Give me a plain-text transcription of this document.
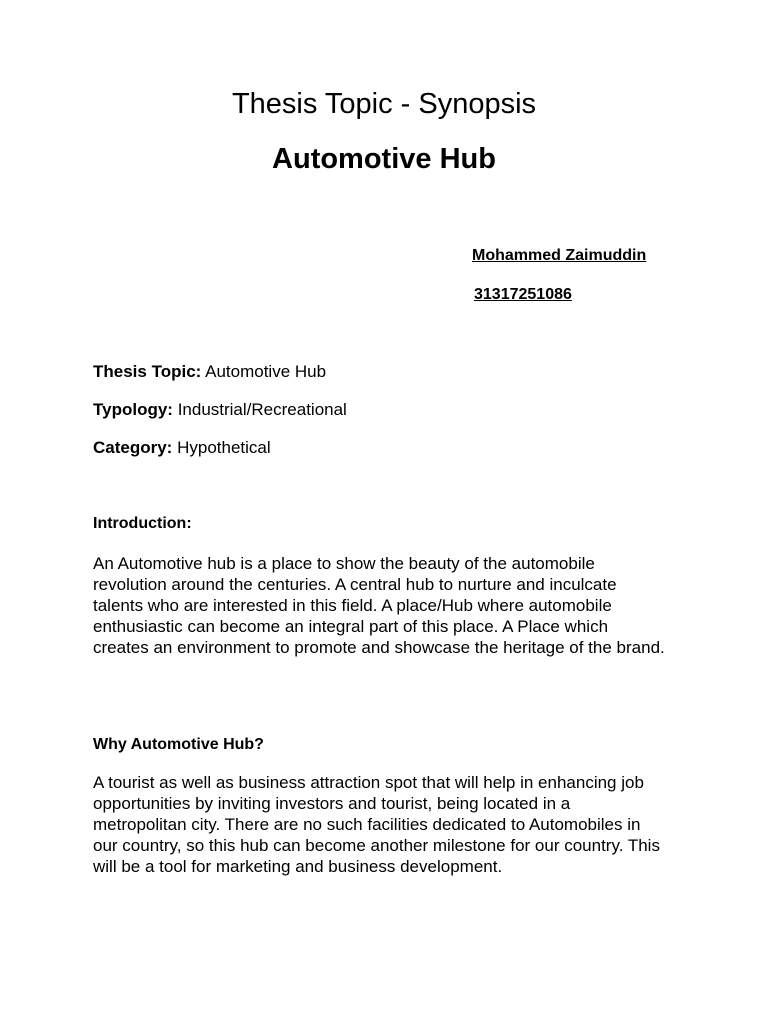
Thesis Topic - Synopsis
Automotive Hub
Mohammed Zaimuddin
31317251086
Thesis Topic: Automotive Hub
Typology: Industrial/Recreational
Category: Hypothetical
Introduction:

An Automotive hub is a place to show the beauty of the automobile revolution around the centuries. A central hub to nurture and inculcate talents who are interested in this field. A place/Hub where automobile enthusiastic can become an integral part of this place. A Place which creates an environment to promote and showcase the heritage of the brand.

Why Automotive Hub?

A tourist as well as business attraction spot that will help in enhancing job opportunities by inviting investors and tourist, being located in a metropolitan city. There are no such facilities dedicated to Automobiles in our country, so this hub can become another milestone for our country. This will be a tool for marketing and business development.
